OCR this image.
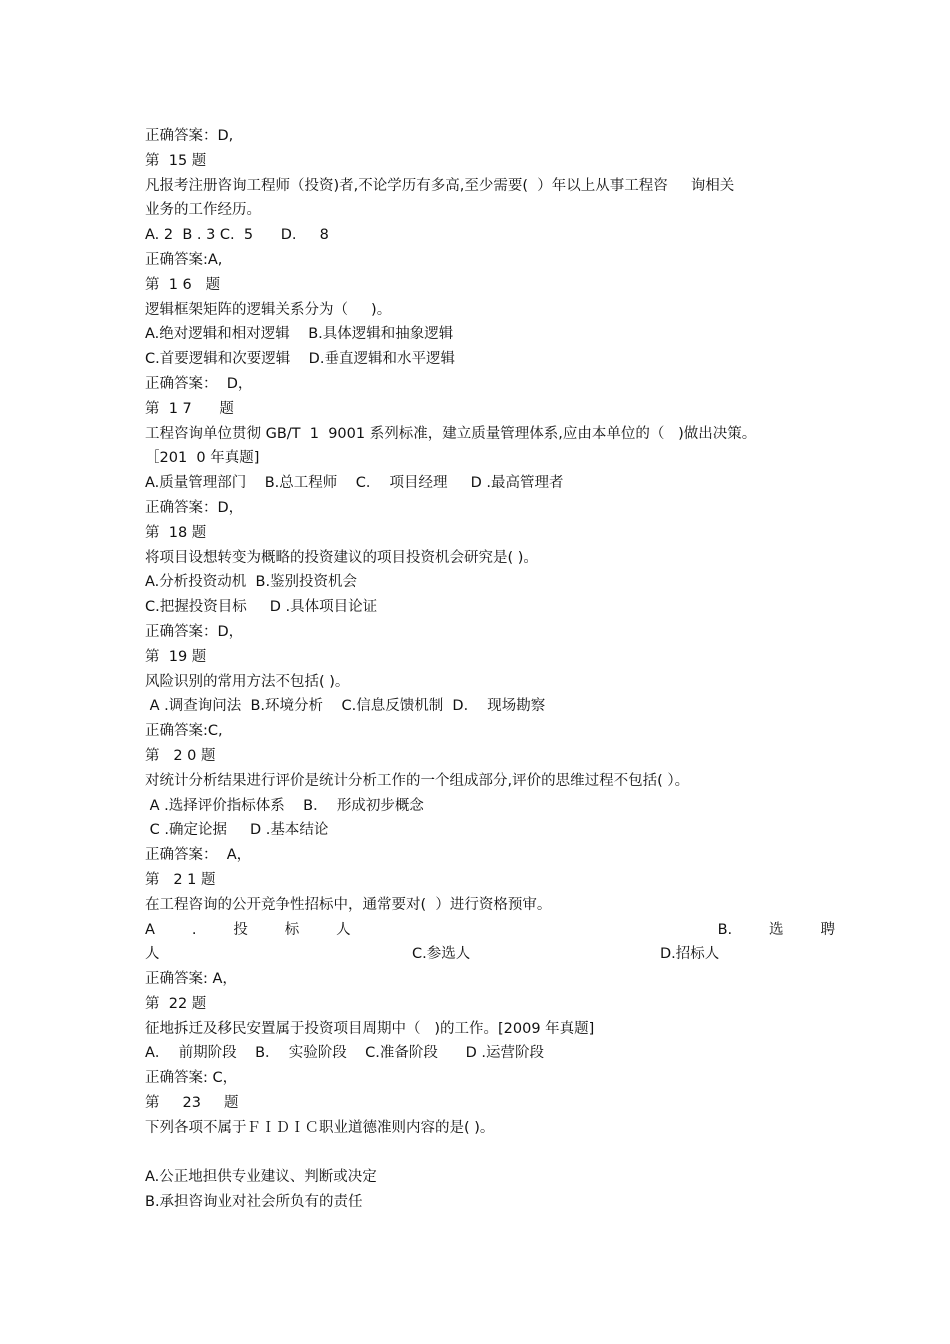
正确答案：D,
第  15 题
凡报考注册咨询工程师（投资)者,不论学历有多高,至少需要(  ）年以上从事工程咨     询相关
业务的工作经历。
A. 2  B . 3 C.  5      D.     8
正确答案:A,
第  1 6   题
逻辑框架矩阵的逻辑关系分为（     )。
A.绝对逻辑和相对逻辑    B.具体逻辑和抽象逻辑
C.首要逻辑和次要逻辑    D.垂直逻辑和水平逻辑
正确答案：  D，
第  1 7      题
工程咨询单位贯彻 GB/T  1  9001 系列标准，建立质量管理体系,应由本单位的（   )做出决策。
［201  0 年真题]
A.质量管理部门    B.总工程师    C．  项目经理     D .最高管理者
正确答案：D，
第  18 题
将项目设想转变为概略的投资建议的项目投资机会研究是( )。
A.分析投资动机  B.鉴别投资机会
C.把握投资目标     D .具体项目论证
正确答案：D，
第  19 题
风险识别的常用方法不包括( )。
A .调查询问法  B.环境分析    C.信息反馈机制  D．  现场勘察
正确答案:C,
第   2 0 题
对统计分析结果进行评价是统计分析工作的一个组成部分,评价的思维过程不包括( ）。
A .选择评价指标体系    B．  形成初步概念
C .确定论据     D .基本结论
正确答案：  A，
第   2 1 题
在工程咨询的公开竞争性招标中，通常要对(  ）进行资格预审。
A	.	投	标	人	B.	选	聘
人	C.参选人	D.招标人
正确答案: A，
第  22 题
征地拆迁及移民安置属于投资项目周期中（   )的工作。[2009 年真题]
A．  前期阶段    B．  实验阶段    C.准备阶段      D .运营阶段
正确答案: C，
第     23     题
下列各项不属于ＦＩＤＩＣ职业道德准则内容的是( )。
A.公正地担供专业建议、判断或决定
B.承担咨询业对社会所负有的责任
